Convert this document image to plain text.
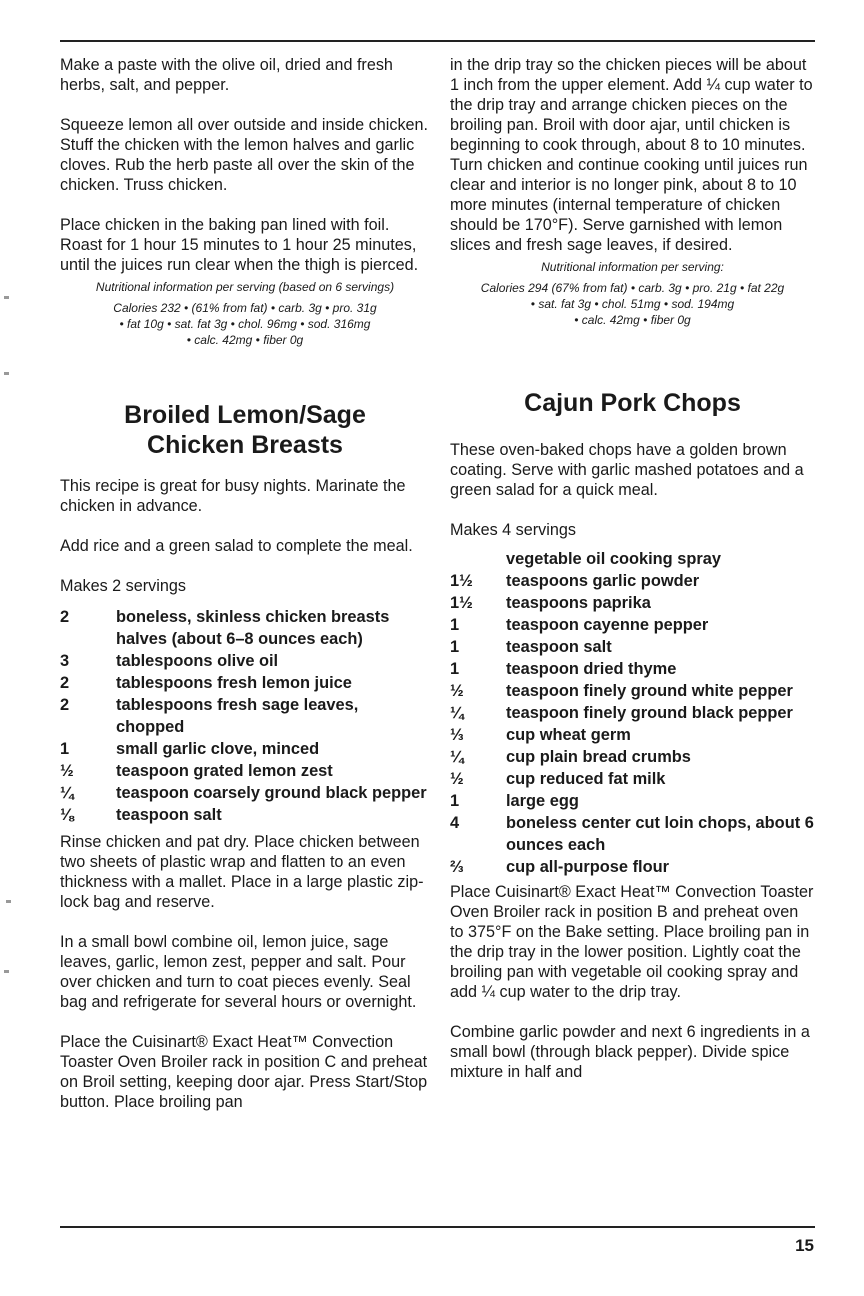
Make a paste with the olive oil, dried and fresh herbs, salt, and pepper.

Squeeze lemon all over outside and inside chicken. Stuff the chicken with the lemon halves and garlic cloves. Rub the herb paste all over the skin of the chicken. Truss chicken.

Place chicken in the baking pan lined with foil. Roast for 1 hour 15 minutes to 1 hour 25 minutes, until the juices run clear when the thigh is pierced.

Nutritional information per serving (based on 6 servings)

Calories 232 • (61% from fat) • carb. 3g • pro. 31g

• fat 10g • sat. fat 3g • chol. 96mg • sod. 316mg

• calc. 42mg • fiber 0g

Broiled Lemon/Sage
Chicken Breasts

This recipe is great for busy nights. Marinate the chicken in advance.

Add rice and a green salad to complete the meal.

Makes 2 servings

2	boneless, skinless chicken breasts halves (about 6–8 ounces each)
3	tablespoons olive oil
2	tablespoons fresh lemon juice
2	tablespoons fresh sage leaves, chopped
1	small garlic clove, minced
½	teaspoon grated lemon zest
¼	teaspoon coarsely ground black pepper
⅛	teaspoon salt

Rinse chicken and pat dry. Place chicken between two sheets of plastic wrap and flatten to an even thickness with a mallet. Place in a large plastic zip-lock bag and reserve.

In a small bowl combine oil, lemon juice, sage leaves, garlic, lemon zest, pepper and salt. Pour over chicken and turn to coat pieces evenly. Seal bag and refrigerate for several hours or overnight.

Place the Cuisinart® Exact Heat™ Convection Toaster Oven Broiler rack in position C and preheat on Broil setting, keeping door ajar. Press Start/Stop button. Place broiling pan

in the drip tray so the chicken pieces will be about 1 inch from the upper element. Add ¼ cup water to the drip tray and arrange chicken pieces on the broiling pan. Broil with door ajar, until chicken is beginning to cook through, about 8 to 10 minutes. Turn chicken and continue cooking until juices run clear and interior is no longer pink, about 8 to 10 more minutes (internal temperature of chicken should be 170°F). Serve garnished with lemon slices and fresh sage leaves, if desired.

Nutritional information per serving:

Calories 294 (67% from fat) • carb. 3g • pro. 21g • fat 22g

• sat. fat 3g • chol. 51mg • sod. 194mg

• calc. 42mg • fiber 0g

Cajun Pork Chops

These oven-baked chops have a golden brown coating. Serve with garlic mashed potatoes and a green salad for a quick meal.

Makes 4 servings

vegetable oil cooking spray
1½	teaspoons garlic powder
1½	teaspoons paprika
1	teaspoon cayenne pepper
1	teaspoon salt
1	teaspoon dried thyme
½	teaspoon finely ground white pepper
¼	teaspoon finely ground black pepper
⅓	cup wheat germ
¼	cup plain bread crumbs
½	cup reduced fat milk
1	large egg
4	boneless center cut loin chops, about 6 ounces each
⅔	cup all-purpose flour

Place Cuisinart® Exact Heat™ Convection Toaster Oven Broiler rack in position B and preheat oven to 375°F on the Bake setting. Place broiling pan in the drip tray in the lower position. Lightly coat the broiling pan with vegetable oil cooking spray and add ¼ cup water to the drip tray.

Combine garlic powder and next 6 ingredients in a small bowl (through black pepper). Divide spice mixture in half and

15
